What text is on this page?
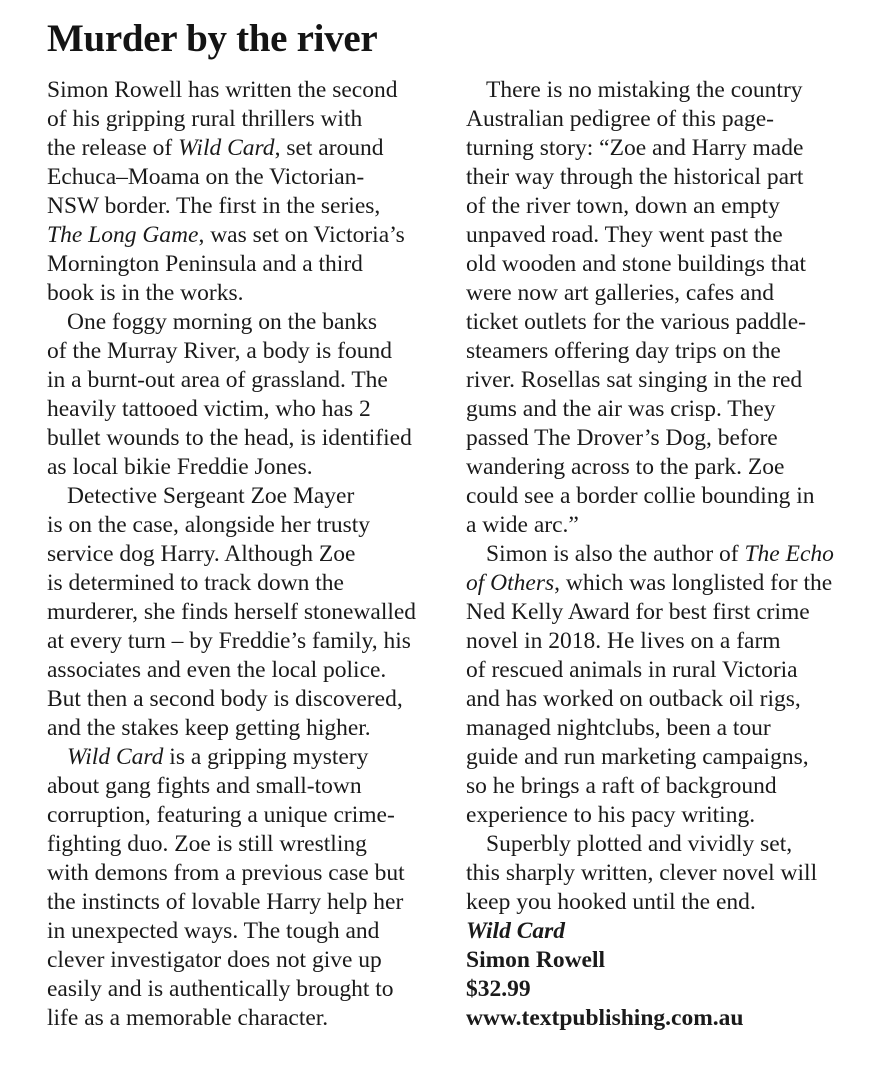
Murder by the river
Simon Rowell has written the second
of his gripping rural thrillers with
the release of Wild Card, set around
Echuca–Moama on the Victorian-
NSW border. The first in the series,
The Long Game, was set on Victoria’s
Mornington Peninsula and a third
book is in the works.
One foggy morning on the banks
of the Murray River, a body is found
in a burnt-out area of grassland. The
heavily tattooed victim, who has 2
bullet wounds to the head, is identified
as local bikie Freddie Jones.
Detective Sergeant Zoe Mayer
is on the case, alongside her trusty
service dog Harry. Although Zoe
is determined to track down the
murderer, she finds herself stonewalled
at every turn – by Freddie’s family, his
associates and even the local police.
But then a second body is discovered,
and the stakes keep getting higher.
Wild Card is a gripping mystery
about gang fights and small-town
corruption, featuring a unique crime-
fighting duo. Zoe is still wrestling
with demons from a previous case but
the instincts of lovable Harry help her
in unexpected ways. The tough and
clever investigator does not give up
easily and is authentically brought to
life as a memorable character.
There is no mistaking the country
Australian pedigree of this page-
turning story: “Zoe and Harry made
their way through the historical part
of the river town, down an empty
unpaved road. They went past the
old wooden and stone buildings that
were now art galleries, cafes and
ticket outlets for the various paddle-
steamers offering day trips on the
river. Rosellas sat singing in the red
gums and the air was crisp. They
passed The Drover’s Dog, before
wandering across to the park. Zoe
could see a border collie bounding in
a wide arc.”
Simon is also the author of The Echo
of Others, which was longlisted for the
Ned Kelly Award for best first crime
novel in 2018. He lives on a farm
of rescued animals in rural Victoria
and has worked on outback oil rigs,
managed nightclubs, been a tour
guide and run marketing campaigns,
so he brings a raft of background
experience to his pacy writing.
Superbly plotted and vividly set,
this sharply written, clever novel will
keep you hooked until the end.
Wild Card
Simon Rowell
$32.99
www.textpublishing.com.au
